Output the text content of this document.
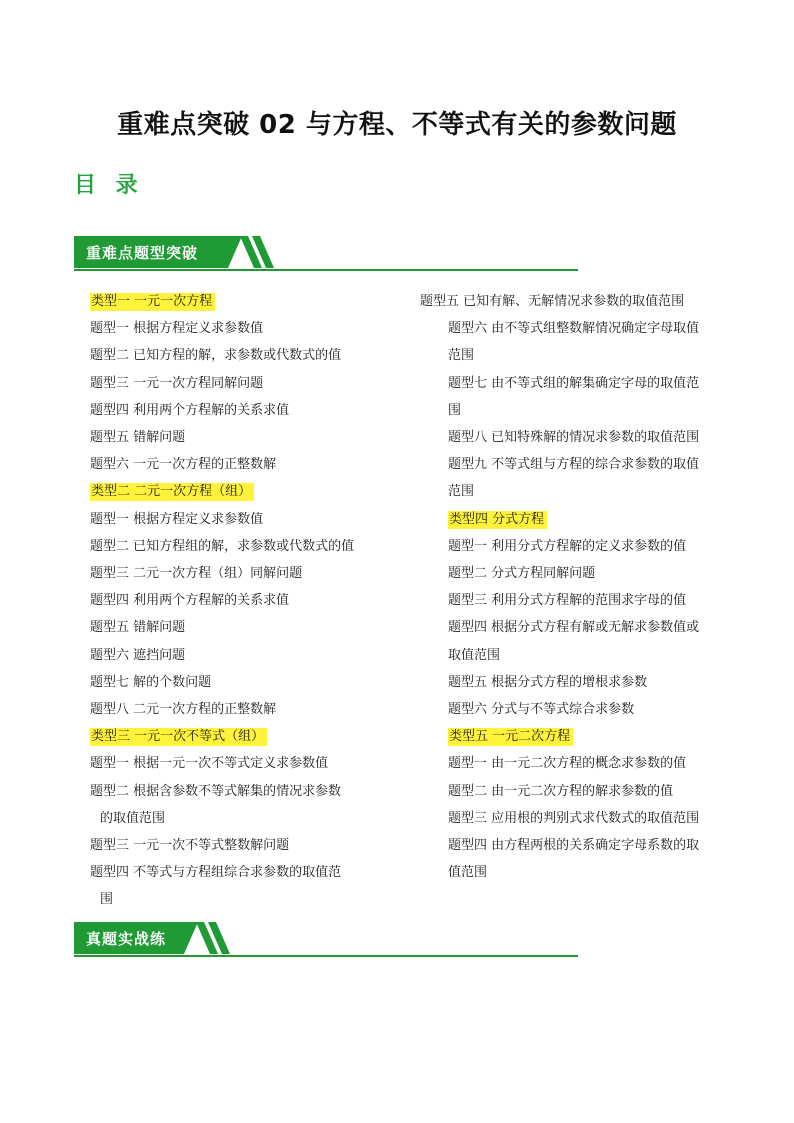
重难点突破 02 与方程、不等式有关的参数问题
目 录
重难点题型突破
类型一 一元一次方程
题型一 根据方程定义求参数值
题型二 已知方程的解，求参数或代数式的值
题型三 一元一次方程同解问题
题型四 利用两个方程解的关系求值
题型五 错解问题
题型六 一元一次方程的正整数解
类型二 二元一次方程（组）
题型一 根据方程定义求参数值
题型二 已知方程组的解，求参数或代数式的值
题型三 二元一次方程（组）同解问题
题型四 利用两个方程解的关系求值
题型五 错解问题
题型六 遮挡问题
题型七 解的个数问题
题型八 二元一次方程的正整数解
类型三 一元一次不等式（组）
题型一 根据一元一次不等式定义求参数值
题型二 根据含参数不等式解集的情况求参数
的取值范围
题型三 一元一次不等式整数解问题
题型四 不等式与方程组综合求参数的取值范
围
题型五 已知有解、无解情况求参数的取值范围
题型六 由不等式组整数解情况确定字母取值
范围
题型七 由不等式组的解集确定字母的取值范
围
题型八 已知特殊解的情况求参数的取值范围
题型九 不等式组与方程的综合求参数的取值
范围
类型四 分式方程
题型一 利用分式方程解的定义求参数的值
题型二 分式方程同解问题
题型三 利用分式方程解的范围求字母的值
题型四 根据分式方程有解或无解求参数值或
取值范围
题型五 根据分式方程的增根求参数
题型六 分式与不等式综合求参数
类型五 一元二次方程
题型一 由一元二次方程的概念求参数的值
题型二 由一元二次方程的解求参数的值
题型三 应用根的判别式求代数式的取值范围
题型四 由方程两根的关系确定字母系数的取
值范围
真题实战练
